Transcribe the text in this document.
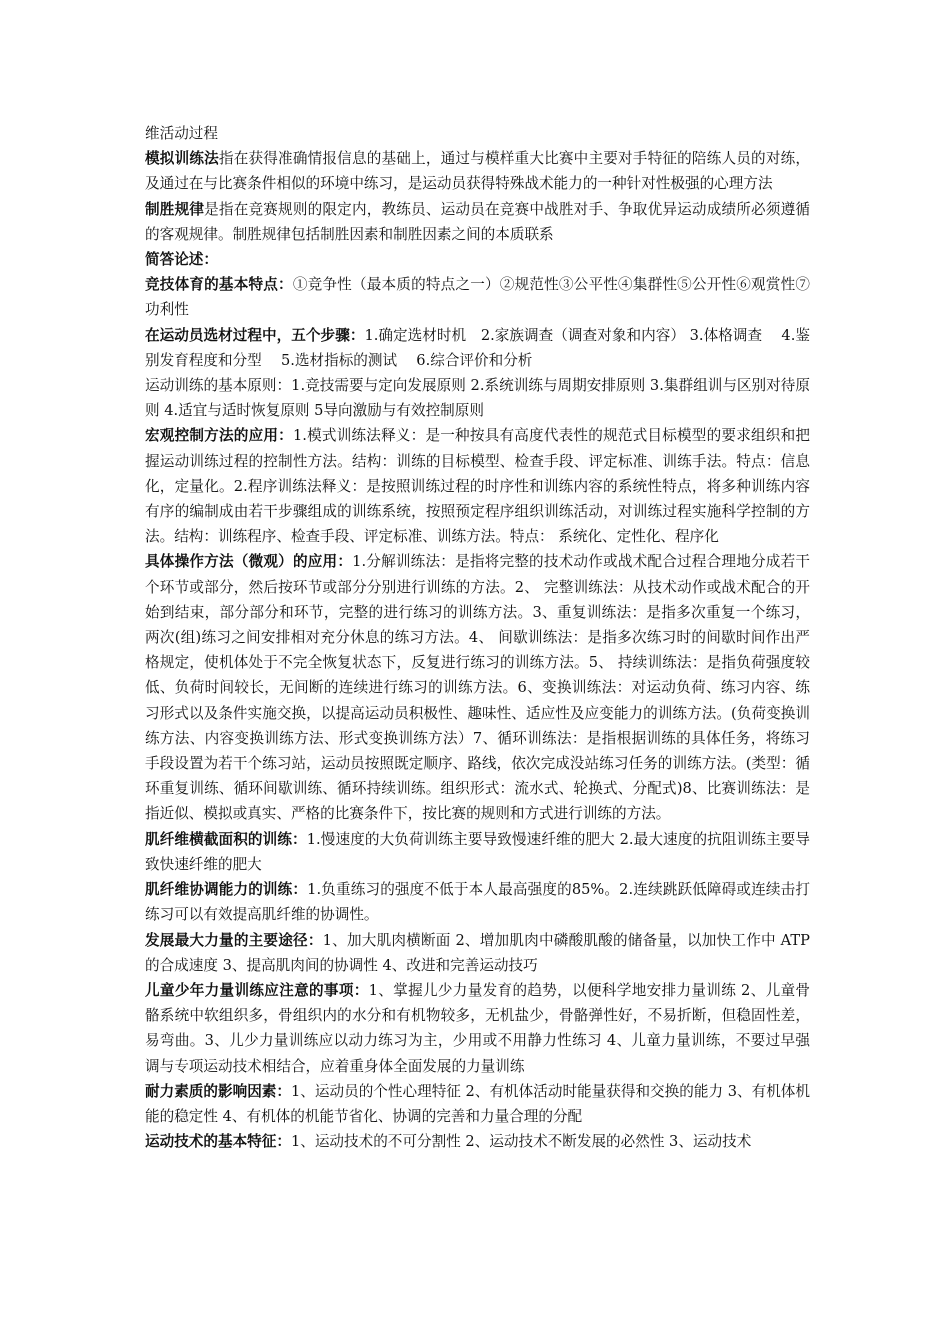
维活动过程

模拟训练法指在获得准确情报信息的基础上，通过与模样重大比赛中主要对手特征的陪练人员的对练，及通过在与比赛条件相似的环境中练习，是运动员获得特殊战术能力的一种针对性极强的心理方法

制胜规律是指在竞赛规则的限定内，教练员、运动员在竞赛中战胜对手、争取优异运动成绩所必须遵循的客观规律。制胜规律包括制胜因素和制胜因素之间的本质联系

简答论述：

竞技体育的基本特点：①竞争性（最本质的特点之一）②规范性③公平性④集群性⑤公开性⑥观赏性⑦功利性

在运动员选材过程中，五个步骤：1.确定选材时机　2.家族调查（调查对象和内容） 3.体格调查　 4.鉴别发育程度和分型　 5.选材指标的测试　 6.综合评价和分析

运动训练的基本原则：1.竞技需要与定向发展原则 2.系统训练与周期安排原则 3.集群组训与区别对待原则 4.适宜与适时恢复原则 5导向激励与有效控制原则

宏观控制方法的应用：1.模式训练法释义：是一种按具有高度代表性的规范式目标模型的要求组织和把握运动训练过程的控制性方法。结构：训练的目标模型、检查手段、评定标准、训练手法。特点：信息化，定量化。2.程序训练法释义：是按照训练过程的时序性和训练内容的系统性特点，将多种训练内容有序的编制成由若干步骤组成的训练系统，按照预定程序组织训练活动，对训练过程实施科学控制的方法。结构：训练程序、检查手段、评定标准、训练方法。特点： 系统化、定性化、程序化

具体操作方法（微观）的应用：1.分解训练法：是指将完整的技术动作或战术配合过程合理地分成若干个环节或部分，然后按环节或部分分别进行训练的方法。2、 完整训练法：从技术动作或战术配合的开始到结束，部分部分和环节，完整的进行练习的训练方法。3、重复训练法：是指多次重复一个练习，两次(组)练习之间安排相对充分休息的练习方法。4、 间歇训练法：是指多次练习时的间歇时间作出严格规定，使机体处于不完全恢复状态下，反复进行练习的训练方法。5、 持续训练法：是指负荷强度较低、负荷时间较长，无间断的连续进行练习的训练方法。6、变换训练法：对运动负荷、练习内容、练习形式以及条件实施交换，以提高运动员积极性、趣味性、适应性及应变能力的训练方法。(负荷变换训练方法、内容变换训练方法、形式变换训练方法）7、循环训练法：是指根据训练的具体任务，将练习手段设置为若干个练习站，运动员按照既定顺序、路线，依次完成没站练习任务的训练方法。(类型：循环重复训练、循环间歇训练、循环持续训练。组织形式：流水式、轮换式、分配式)8、比赛训练法：是指近似、模拟或真实、严格的比赛条件下，按比赛的规则和方式进行训练的方法。

肌纤维横截面积的训练：1.慢速度的大负荷训练主要导致慢速纤维的肥大 2.最大速度的抗阻训练主要导致快速纤维的肥大

肌纤维协调能力的训练：1.负重练习的强度不低于本人最高强度的85%。2.连续跳跃低障碍或连续击打练习可以有效提高肌纤维的协调性。

发展最大力量的主要途径：1、加大肌肉横断面 2、增加肌肉中磷酸肌酸的储备量，以加快工作中 ATP 的合成速度 3、提高肌肉间的协调性 4、改进和完善运动技巧

儿童少年力量训练应注意的事项：1、掌握儿少力量发育的趋势，以便科学地安排力量训练 2、儿童骨骼系统中软组织多，骨组织内的水分和有机物较多，无机盐少，骨骼弹性好，不易折断，但稳固性差，易弯曲。3、儿少力量训练应以动力练习为主，少用或不用静力性练习 4、儿童力量训练，不要过早强调与专项运动技术相结合，应着重身体全面发展的力量训练

耐力素质的影响因素：1、运动员的个性心理特征 2、有机体活动时能量获得和交换的能力 3、有机体机能的稳定性 4、有机体的机能节省化、协调的完善和力量合理的分配

运动技术的基本特征：1、运动技术的不可分割性 2、运动技术不断发展的必然性 3、运动技术
